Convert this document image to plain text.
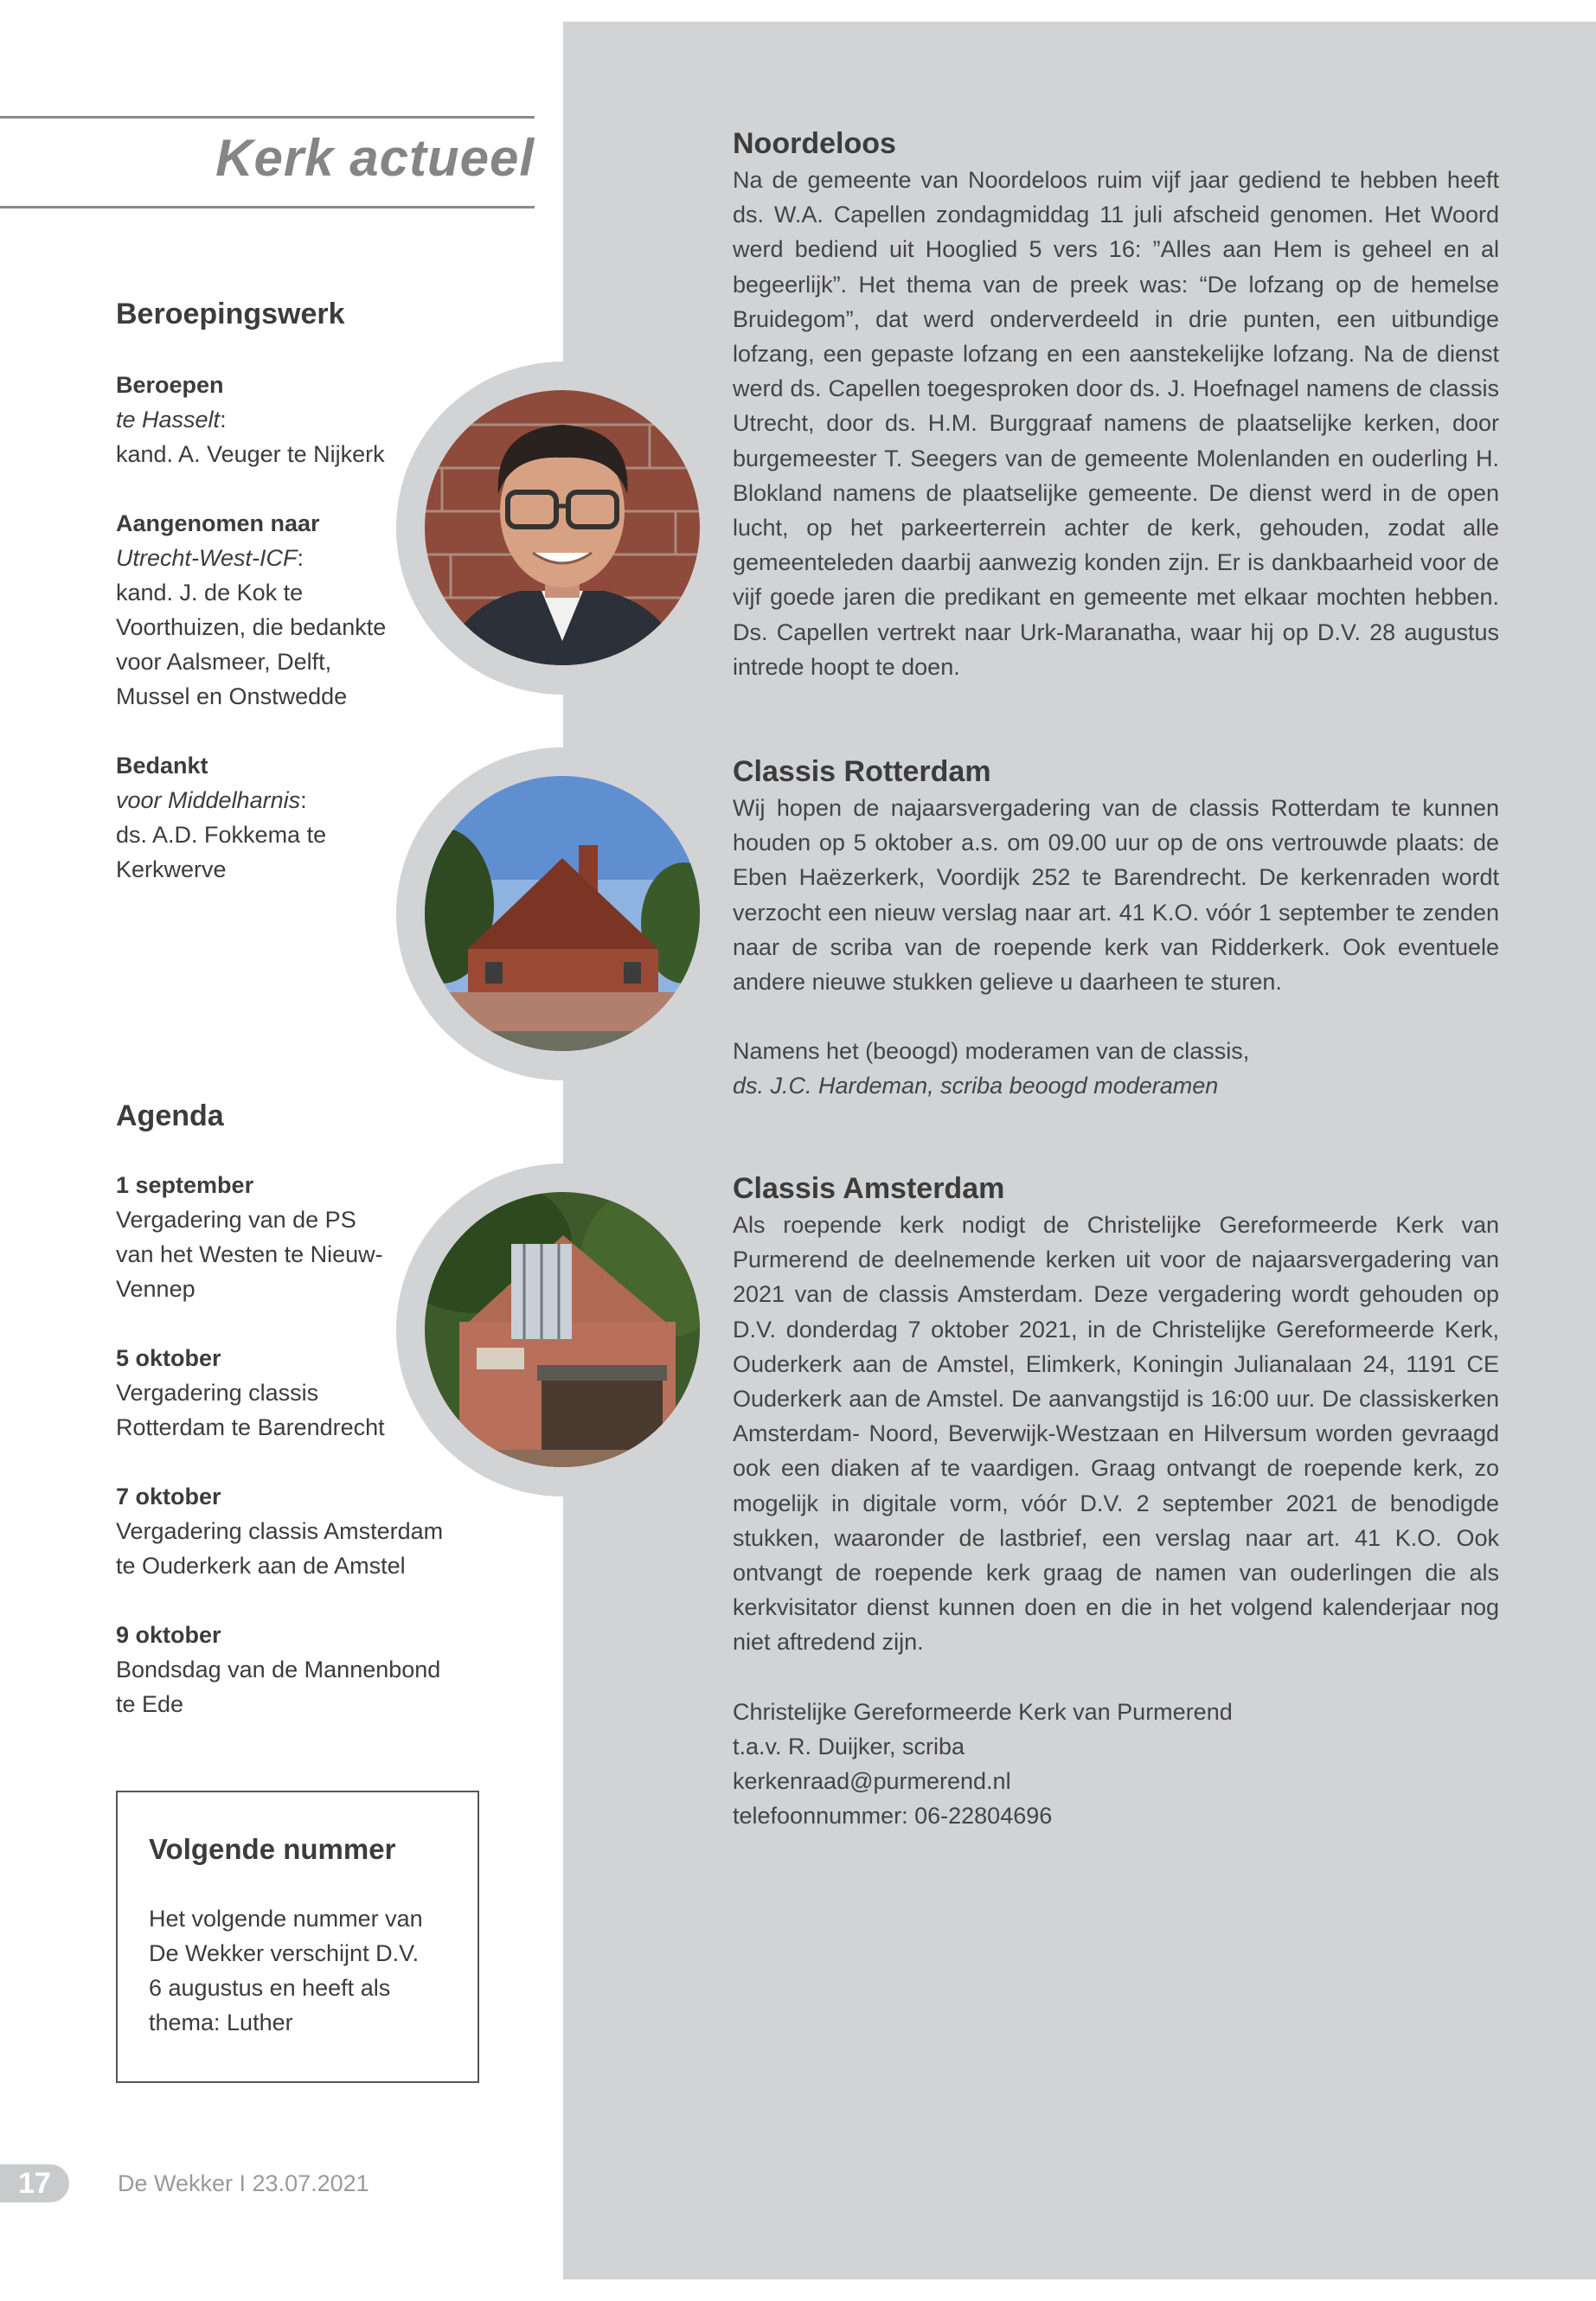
Kerk actueel
Beroepingswerk
Beroepen
te Hasselt:
kand. A. Veuger te Nijkerk
Aangenomen naar
Utrecht-West-ICF:
kand. J. de Kok te
Voorthuizen, die bedankte
voor Aalsmeer, Delft,
Mussel en Onstwedde
Bedankt
voor Middelharnis:
ds. A.D. Fokkema te
Kerkwerve
Agenda
1 september
Vergadering van de PS
van het Westen te Nieuw-
Vennep
5 oktober
Vergadering classis
Rotterdam te Barendrecht
7 oktober
Vergadering classis Amsterdam
te Ouderkerk aan de Amstel
9 oktober
Bondsdag van de Mannenbond
te Ede
Volgende nummer
Het volgende nummer van
De Wekker verschijnt D.V.
6 augustus en heeft als
thema: Luther
Noordeloos

Na de gemeente van Noordeloos ruim vijf jaar gediend te hebben heeft ds. W.A. Capellen zondagmiddag 11 juli afscheid genomen. Het Woord werd bediend uit Hooglied 5 vers 16: ”Alles aan Hem is geheel en al begeerlijk”. Het thema van de preek was: “De lofzang op de hemelse Bruidegom”, dat werd onderverdeeld in drie punten, een uitbundige lofzang, een gepaste lofzang en een aanstekelijke lofzang. Na de dienst werd ds. Capellen toegesproken door ds. J. Hoefnagel namens de classis Utrecht, door ds. H.M. Burggraaf namens de plaatselijke kerken, door burgemeester T. Seegers van de gemeente Molenlanden en ouderling H. Blokland namens de plaatselijke gemeente. De dienst werd in de open lucht, op het parkeerterrein achter de kerk, gehouden, zodat alle gemeenteleden daarbij aanwezig konden zijn. Er is dankbaarheid voor de vijf goede jaren die predikant en gemeente met elkaar mochten hebben. Ds. Capellen vertrekt naar Urk-Maranatha, waar hij op D.V. 28 augustus intrede hoopt te doen.

Classis Rotterdam

Wij hopen de najaarsvergadering van de classis Rotterdam te kunnen houden op 5 oktober a.s. om 09.00 uur op de ons vertrouwde plaats: de Eben Haëzerkerk, Voordijk 252 te Barendrecht. De kerkenraden wordt verzocht een nieuw verslag naar art. 41 K.O. vóór 1 september te zenden naar de scriba van de roepende kerk van Ridderkerk. Ook eventuele andere nieuwe stukken gelieve u daarheen te sturen.

Namens het (beoogd) moderamen van de classis,

ds. J.C. Hardeman, scriba beoogd moderamen

Classis Amsterdam

Als roepende kerk nodigt de Christelijke Gereformeerde Kerk van Purmerend de deelnemende kerken uit voor de najaarsvergadering van 2021 van de classis Amsterdam. Deze vergadering wordt gehouden op D.V. donderdag 7 oktober 2021, in de Christelijke Gereformeerde Kerk, Ouderkerk aan de Amstel, Elimkerk, Koningin Julianalaan 24, 1191 CE Ouderkerk aan de Amstel. De aanvangstijd is 16:00 uur. De classiskerken Amsterdam- Noord, Beverwijk-Westzaan en Hilversum worden gevraagd ook een diaken af te vaardigen. Graag ontvangt de roepende kerk, zo mogelijk in digitale vorm, vóór D.V. 2 september 2021 de benodigde stukken, waaronder de lastbrief, een verslag naar art. 41 K.O. Ook ontvangt de roepende kerk graag de namen van ouderlingen die als kerkvisitator dienst kunnen doen en die in het volgend kalenderjaar nog niet aftredend zijn.

Christelijke Gereformeerde Kerk van Purmerend

t.a.v. R. Duijker, scriba

kerkenraad@purmerend.nl

telefoonnummer: 06-22804696

17	De Wekker I 23.07.2021
